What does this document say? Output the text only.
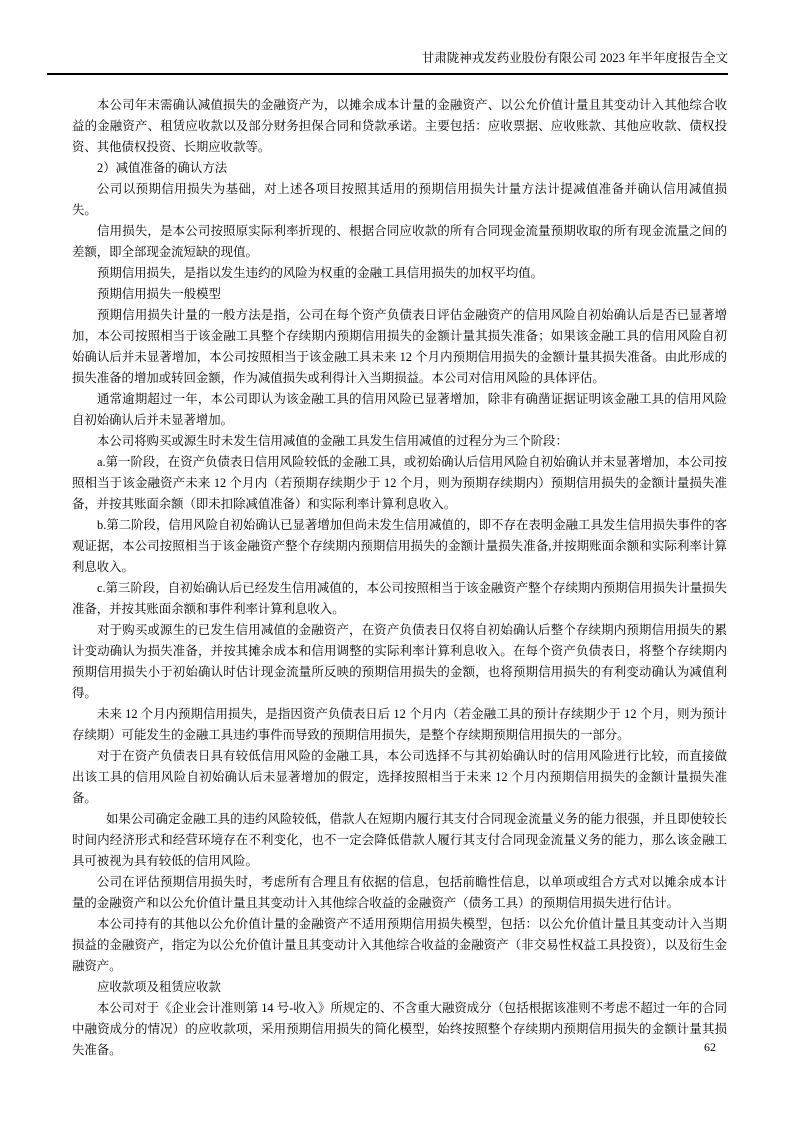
甘肃陇神戎发药业股份有限公司 2023 年半年度报告全文

本公司年末需确认减值损失的金融资产为，以摊余成本计量的金融资产、以公允价值计量且其变动计入其他综合收益的金融资产、租赁应收款以及部分财务担保合同和贷款承诺。主要包括：应收票据、应收账款、其他应收款、债权投资、其他债权投资、长期应收款等。

2）减值准备的确认方法

公司以预期信用损失为基础，对上述各项目按照其适用的预期信用损失计量方法计提减值准备并确认信用减值损失。

信用损失，是本公司按照原实际利率折现的、根据合同应收款的所有合同现金流量预期收取的所有现金流量之间的差额，即全部现金流短缺的现值。

预期信用损失，是指以发生违约的风险为权重的金融工具信用损失的加权平均值。

预期信用损失一般模型

预期信用损失计量的一般方法是指，公司在每个资产负债表日评估金融资产的信用风险自初始确认后是否已显著增加，本公司按照相当于该金融工具整个存续期内预期信用损失的金额计量其损失准备；如果该金融工具的信用风险自初始确认后并未显著增加，本公司按照相当于该金融工具未来 12 个月内预期信用损失的金额计量其损失准备。由此形成的损失准备的增加或转回金额，作为减值损失或利得计入当期损益。本公司对信用风险的具体评估。

通常逾期超过一年，本公司即认为该金融工具的信用风险已显著增加，除非有确凿证据证明该金融工具的信用风险自初始确认后并未显著增加。

本公司将购买或源生时未发生信用减值的金融工具发生信用减值的过程分为三个阶段：

a.第一阶段，在资产负债表日信用风险较低的金融工具，或初始确认后信用风险自初始确认并未显著增加，本公司按照相当于该金融资产未来 12 个月内（若预期存续期少于 12 个月，则为预期存续期内）预期信用损失的金额计量损失准备，并按其账面余额（即未扣除减值准备）和实际利率计算利息收入。

b.第二阶段，信用风险自初始确认已显著增加但尚未发生信用减值的，即不存在表明金融工具发生信用损失事件的客观证据，本公司按照相当于该金融资产整个存续期内预期信用损失的金额计量损失准备,并按期账面余额和实际利率计算利息收入。

c.第三阶段，自初始确认后已经发生信用减值的，本公司按照相当于该金融资产整个存续期内预期信用损失计量损失准备，并按其账面余额和事件利率计算利息收入。

对于购买或源生的已发生信用减值的金融资产，在资产负债表日仅将自初始确认后整个存续期内预期信用损失的累计变动确认为损失准备，并按其摊余成本和信用调整的实际利率计算利息收入。在每个资产负债表日，将整个存续期内预期信用损失小于初始确认时估计现金流量所反映的预期信用损失的金额，也将预期信用损失的有利变动确认为减值利得。

未来 12 个月内预期信用损失，是指因资产负债表日后 12 个月内（若金融工具的预计存续期少于 12 个月，则为预计存续期）可能发生的金融工具违约事件而导致的预期信用损失，是整个存续期预期信用损失的一部分。

对于在资产负债表日具有较低信用风险的金融工具，本公司选择不与其初始确认时的信用风险进行比较，而直接做出该工具的信用风险自初始确认后未显著增加的假定，选择按照相当于未来 12 个月内预期信用损失的金额计量损失准备。

如果公司确定金融工具的违约风险较低，借款人在短期内履行其支付合同现金流量义务的能力很强，并且即使较长时间内经济形式和经营环境存在不利变化，也不一定会降低借款人履行其支付合同现金流量义务的能力，那么该金融工具可被视为具有较低的信用风险。

公司在评估预期信用损失时，考虑所有合理且有依据的信息，包括前瞻性信息，以单项或组合方式对以摊余成本计量的金融资产和以公允价值计量且其变动计入其他综合收益的金融资产（债务工具）的预期信用损失进行估计。

本公司持有的其他以公允价值计量的金融资产不适用预期信用损失模型，包括：以公允价值计量且其变动计入当期损益的金融资产，指定为以公允价值计量且其变动计入其他综合收益的金融资产（非交易性权益工具投资），以及衍生金融资产。

应收款项及租赁应收款

本公司对于《企业会计准则第 14 号-收入》所规定的、不含重大融资成分（包括根据该准则不考虑不超过一年的合同中融资成分的情况）的应收款项，采用预期信用损失的简化模型，始终按照整个存续期内预期信用损失的金额计量其损失准备。	62
